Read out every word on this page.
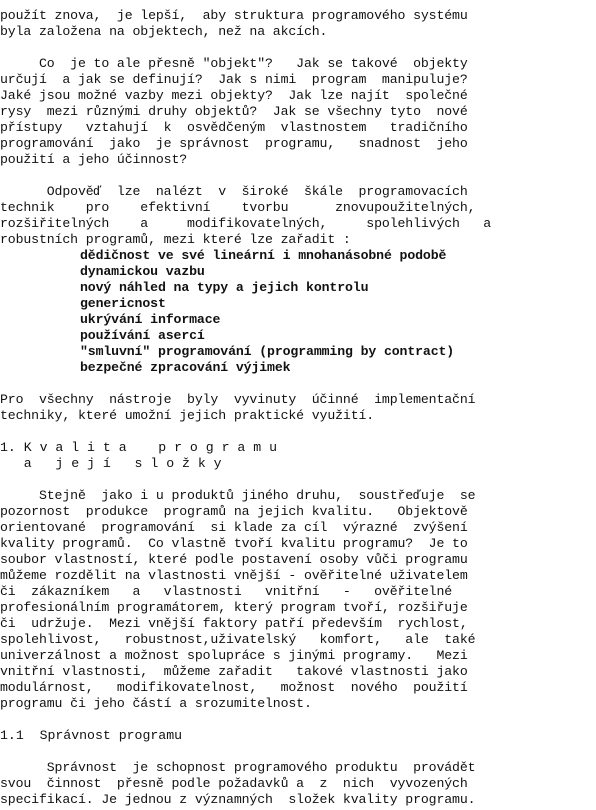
použít znova,  je lepší,  aby struktura programového systému
byla založena na objektech, než na akcích.
Co  je to ale přesně "objekt"?   Jak se takové  objekty
určují  a jak se definují?  Jak s nimi  program  manipuluje?
Jaké jsou možné vazby mezi objekty?  Jak lze najít  společné
rysy  mezi různými druhy objektů?  Jak se všechny tyto  nové
přístupy   vztahují  k  osvědčeným  vlastnostem   tradičního
programování  jako  je správnost  programu,   snadnost  jeho
použití a jeho účinnost?
Odpověď  lze  nalézt  v  široké  škále  programovacích
technik    pro    efektivní    tvorbu      znovupoužitelných,
rozšiřitelných    a     modifikovatelných,     spolehlivých   a
robustních programů, mezi které lze zařadit :
dědičnost ve své lineární i mnohanásobné podobě
dynamickou vazbu
nový náhled na typy a jejich kontrolu
genericnost
ukrývání informace
používání asercí
"smluvní" programování (programming by contract)
bezpečné zpracování výjimek
Pro  všechny  nástroje  byly  vyvinuty  účinné  implementační
techniky, které umožní jejich praktické využití.
1. K v a l i t a    p r o g r a m u
a   j e j í   s l o ž k y
Stejně  jako i u produktů jiného druhu,  soustřeďuje  se
pozornost  produkce  programů na jejich kvalitu.   Objektově
orientované  programování  si klade za cíl  výrazné  zvýšení
kvality programů.  Co vlastně tvoří kvalitu programu?  Je to
soubor vlastností, které podle postavení osoby vůči programu
můžeme rozdělit na vlastnosti vnější - ověřitelné uživatelem
či  zákazníkem   a   vlastnosti   vnitřní   -   ověřitelné
profesionálním programátorem, který program tvoří, rozšiřuje
či  udržuje.  Mezi vnější faktory patří především  rychlost,
spolehlivost,   robustnost,uživatelský   komfort,   ale  také
univerzálnost a možnost spolupráce s jinými programy.   Mezi
vnitřní vlastnosti,  můžeme zařadit   takové vlastnosti jako
modulárnost,   modifikovatelnost,   možnost  nového  použití
programu či jeho částí a srozumitelnost.
1.1  Správnost programu
Správnost  je schopnost programového produktu  provádět
svou  činnost  přesně podle požadavků a  z  nich  vyvozených
specifikací. Je jednou z významných  složek kvality programu.
